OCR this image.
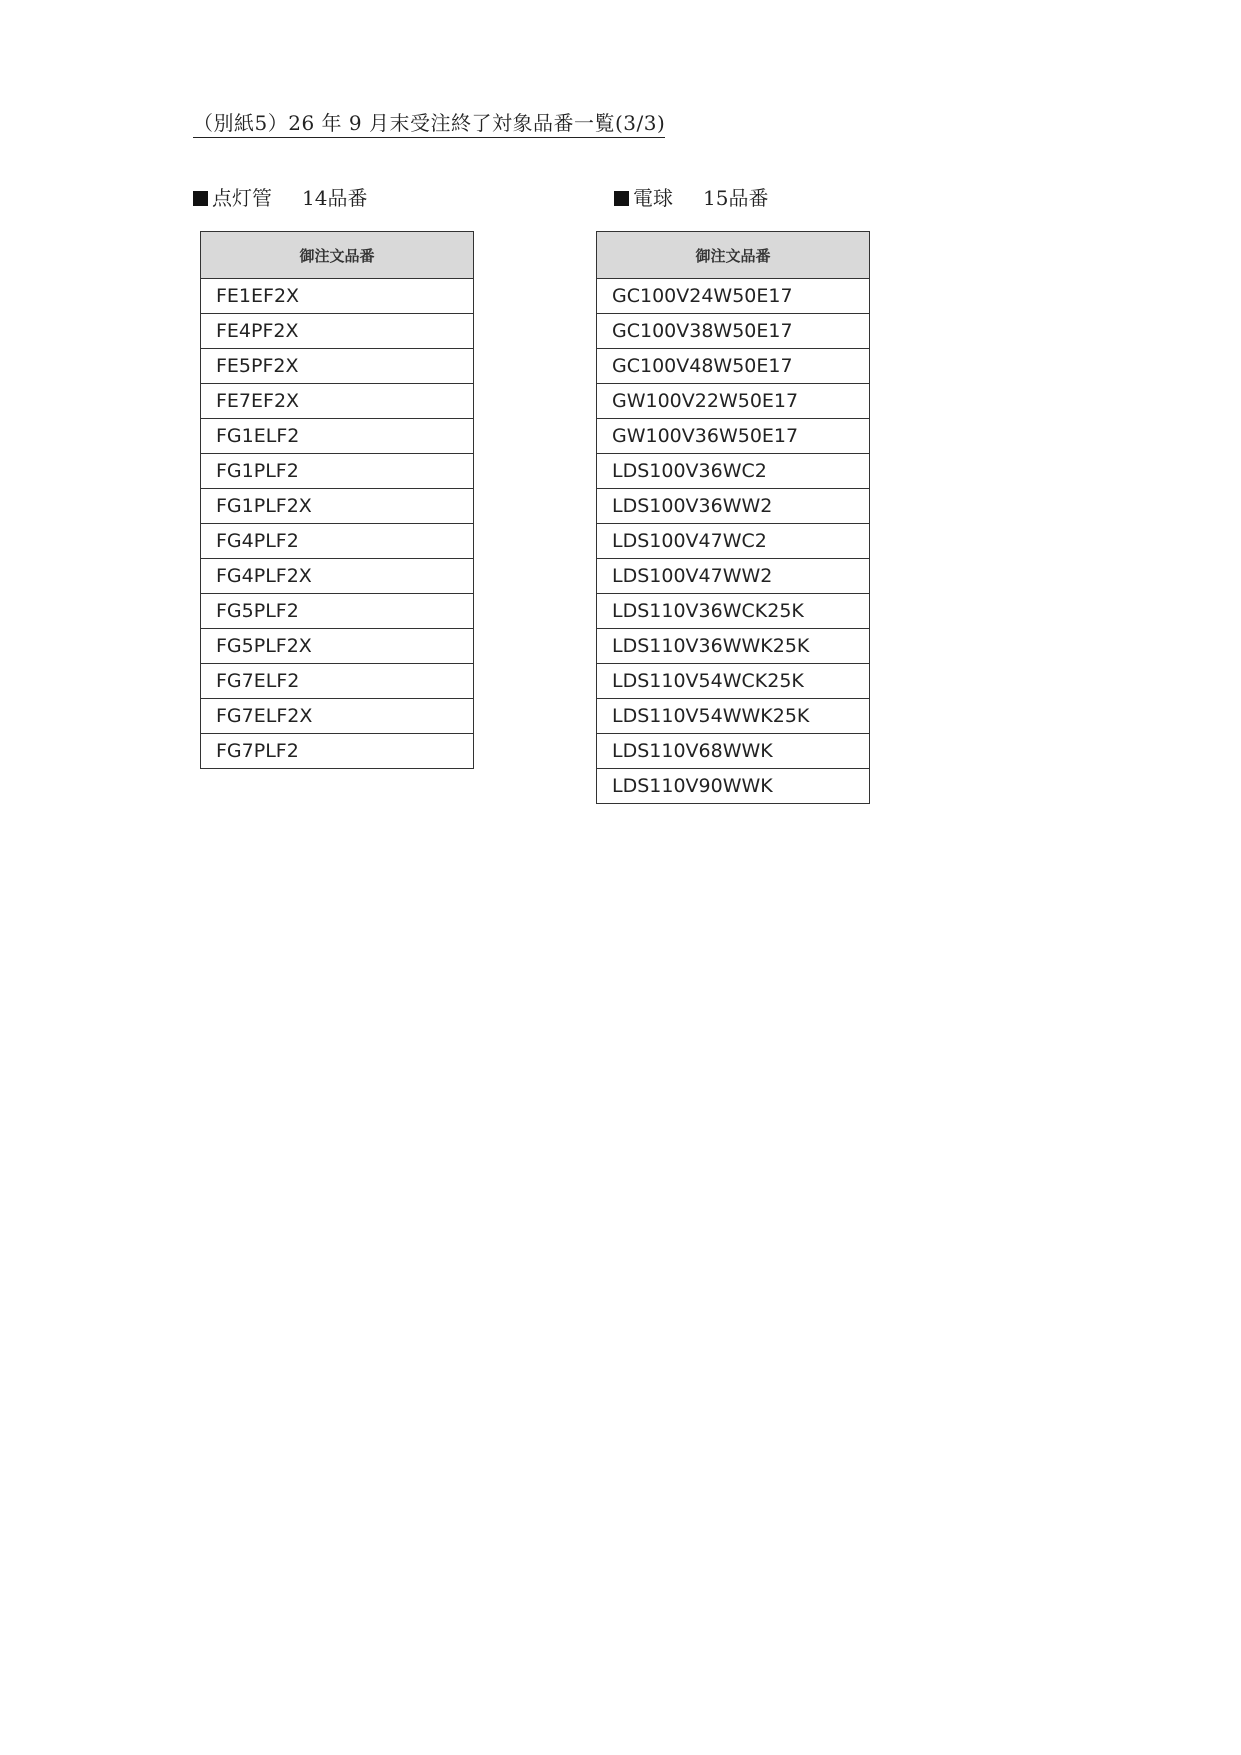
（別紙5）26 年 9 月末受注終了対象品番一覧(3/3)
点灯管 14品番	電球 15品番
御注文品番
FE1EF2X
FE4PF2X
FE5PF2X
FE7EF2X
FG1ELF2
FG1PLF2
FG1PLF2X
FG4PLF2
FG4PLF2X
FG5PLF2
FG5PLF2X
FG7ELF2
FG7ELF2X
FG7PLF2
御注文品番
GC100V24W50E17
GC100V38W50E17
GC100V48W50E17
GW100V22W50E17
GW100V36W50E17
LDS100V36WC2
LDS100V36WW2
LDS100V47WC2
LDS100V47WW2
LDS110V36WCK25K
LDS110V36WWK25K
LDS110V54WCK25K
LDS110V54WWK25K
LDS110V68WWK
LDS110V90WWK
